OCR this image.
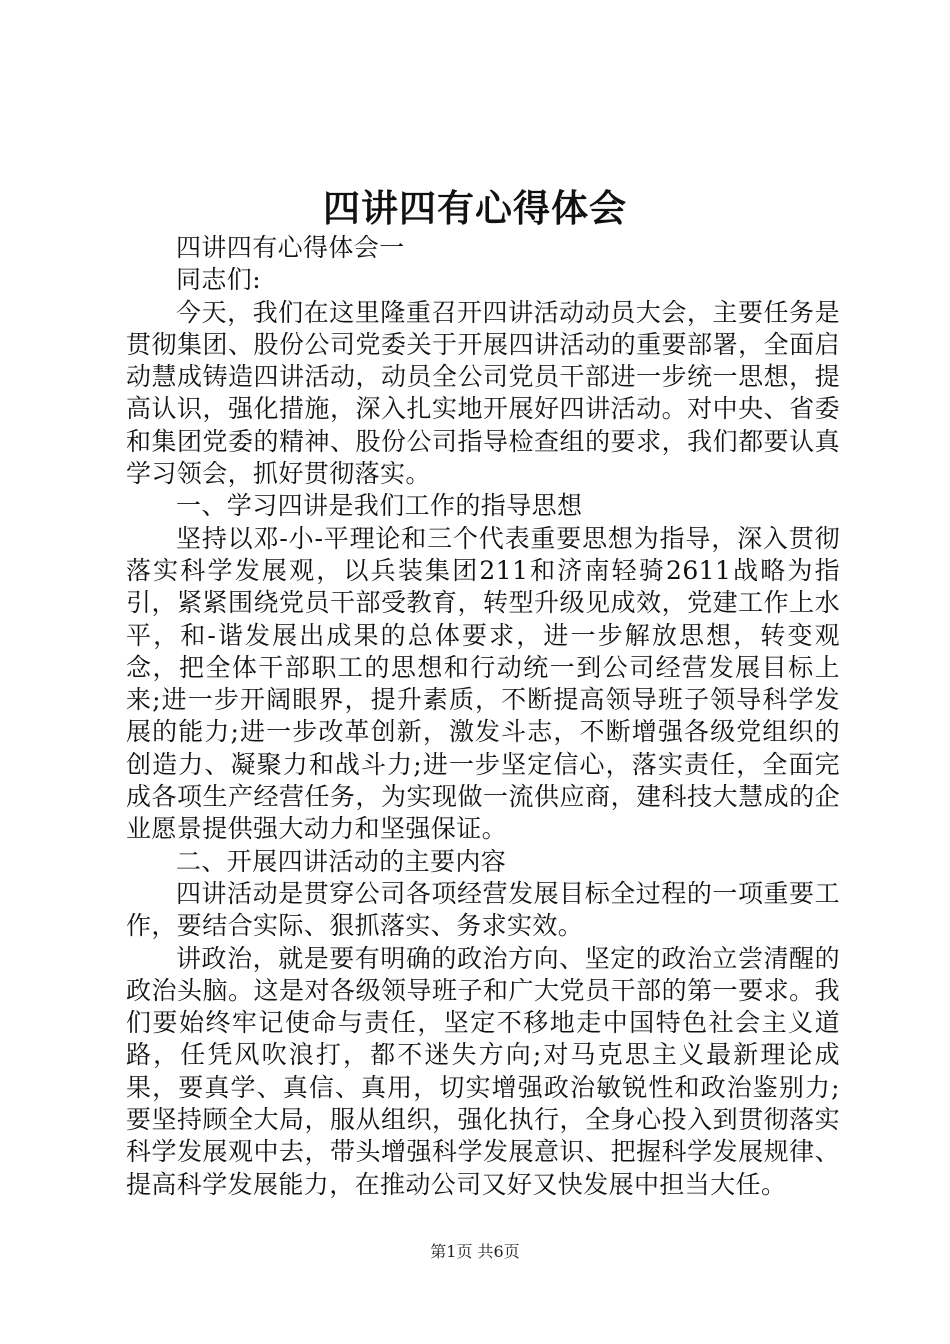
四讲四有心得体会

四讲四有心得体会一

同志们:

今天，我们在这里隆重召开四讲活动动员大会，主要任务是贯彻集团、股份公司党委关于开展四讲活动的重要部署，全面启动慧成铸造四讲活动，动员全公司党员干部进一步统一思想，提高认识，强化措施，深入扎实地开展好四讲活动。对中央、省委和集团党委的精神、股份公司指导检查组的要求，我们都要认真学习领会，抓好贯彻落实。

一、学习四讲是我们工作的指导思想

坚持以邓-小-平理论和三个代表重要思想为指导，深入贯彻落实科学发展观，以兵装集团211和济南轻骑2611战略为指引，紧紧围绕党员干部受教育，转型升级见成效，党建工作上水平，和-谐发展出成果的总体要求，进一步解放思想，转变观念，把全体干部职工的思想和行动统一到公司经营发展目标上来;进一步开阔眼界，提升素质，不断提高领导班子领导科学发展的能力;进一步改革创新，激发斗志，不断增强各级党组织的创造力、凝聚力和战斗力;进一步坚定信心，落实责任，全面完成各项生产经营任务，为实现做一流供应商，建科技大慧成的企业愿景提供强大动力和坚强保证。

二、开展四讲活动的主要内容

四讲活动是贯穿公司各项经营发展目标全过程的一项重要工作，要结合实际、狠抓落实、务求实效。

讲政治，就是要有明确的政治方向、坚定的政治立尝清醒的政治头脑。这是对各级领导班子和广大党员干部的第一要求。我们要始终牢记使命与责任，坚定不移地走中国特色社会主义道路，任凭风吹浪打，都不迷失方向;对马克思主义最新理论成果，要真学、真信、真用，切实增强政治敏锐性和政治鉴别力;要坚持顾全大局，服从组织，强化执行，全身心投入到贯彻落实科学发展观中去，带头增强科学发展意识、把握科学发展规律、提高科学发展能力，在推动公司又好又快发展中担当大任。

第1页 共6页
